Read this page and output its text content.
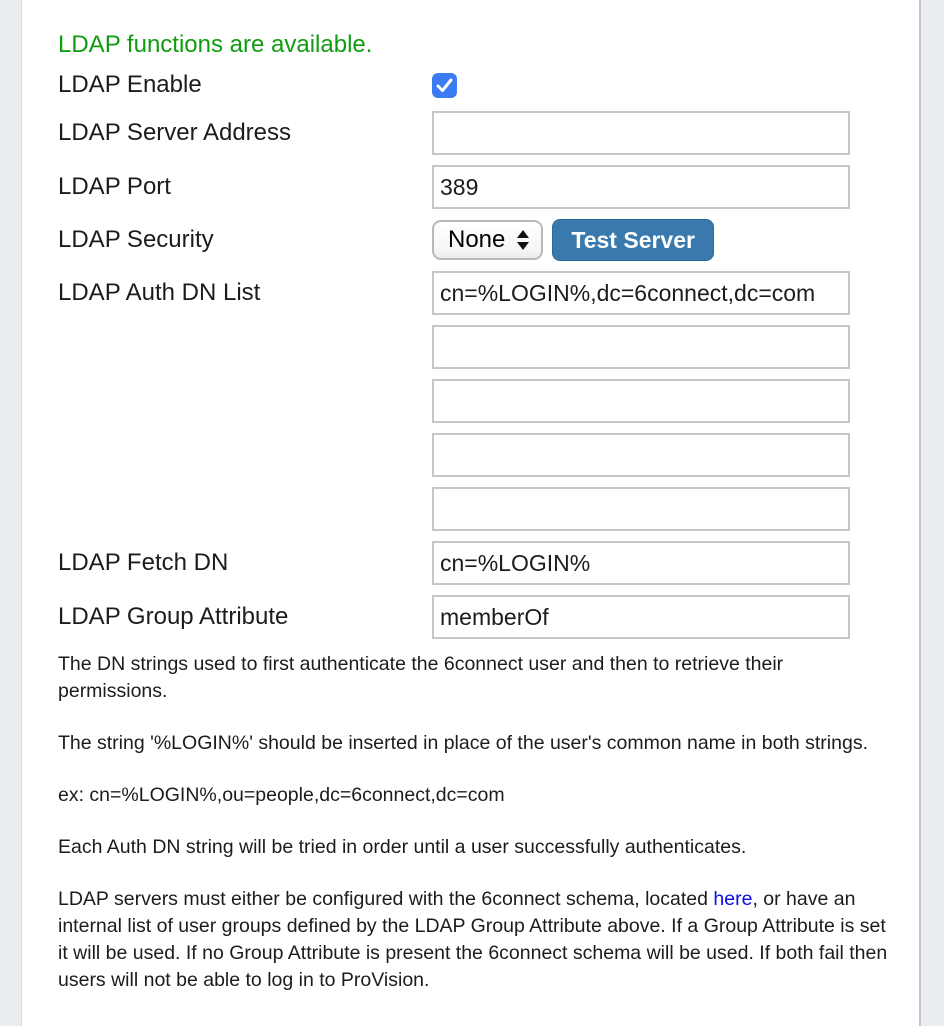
LDAP functions are available.
LDAP Enable
LDAP Server Address
LDAP Port
389
LDAP Security	None	Test Server
LDAP Auth DN List
cn=%LOGIN%,dc=6connect,dc=com
LDAP Fetch DN
cn=%LOGIN%
LDAP Group Attribute
memberOf

The DN strings used to first authenticate the 6connect user and then to retrieve their permissions.

The string '%LOGIN%' should be inserted in place of the user's common name in both strings.

ex: cn=%LOGIN%,ou=people,dc=6connect,dc=com

Each Auth DN string will be tried in order until a user successfully authenticates.

LDAP servers must either be configured with the 6connect schema, located here, or have an internal list of user groups defined by the LDAP Group Attribute above. If a Group Attribute is set it will be used. If no Group Attribute is present the 6connect schema will be used. If both fail then users will not be able to log in to ProVision.
